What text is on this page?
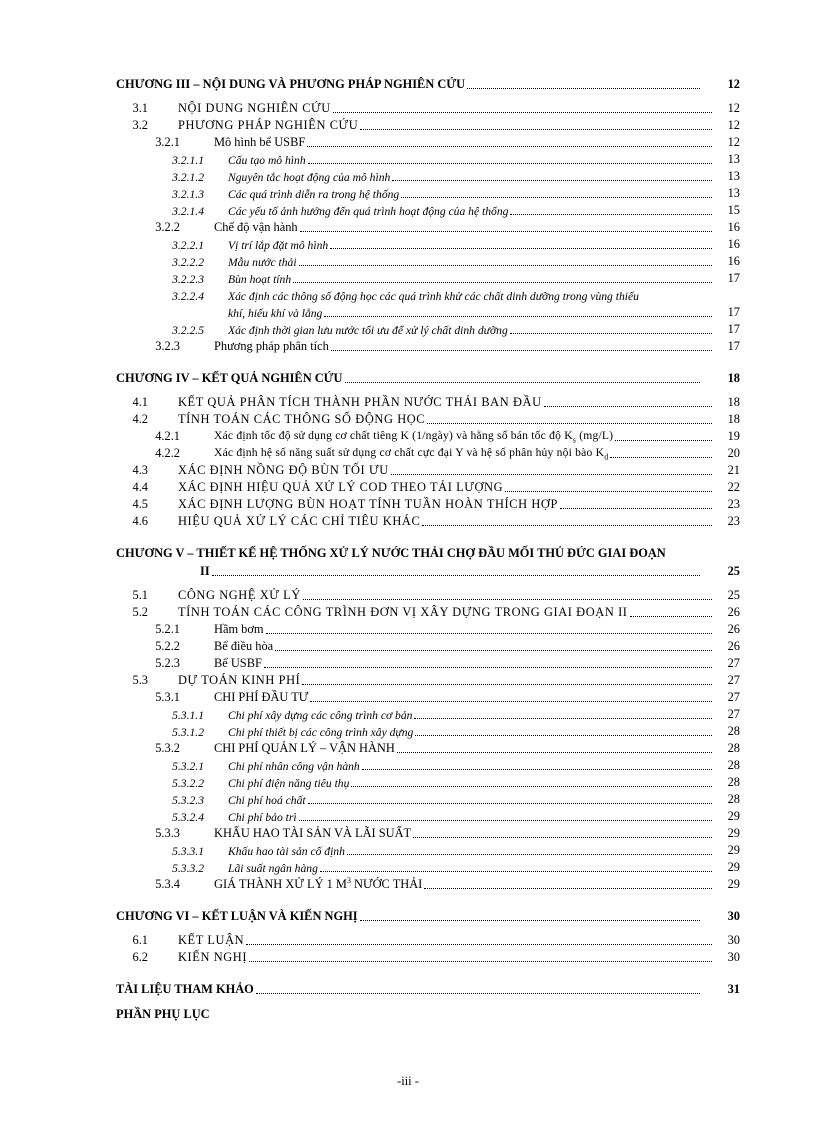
CHƯƠNG III – NỘI DUNG VÀ PHƯƠNG PHÁP NGHIÊN CỨU	12
3.1 NỘI DUNG NGHIÊN CỨU	12
3.2 PHƯƠNG PHÁP NGHIÊN CỨU	12
3.2.1	Mô hình bể USBF	12
3.2.1.1 Cấu tạo mô hình	13
3.2.1.2 Nguyên tắc hoạt động của mô hình	13
3.2.1.3 Các quá trình diễn ra trong hệ thống	13
3.2.1.4 Các yếu tố ảnh hưởng đến quá trình hoạt động của hệ thống	15
3.2.2	Chế độ vận hành	16
3.2.2.1 Vị trí lắp đặt mô hình	16
3.2.2.2 Mẫu nước thải	16
3.2.2.3 Bùn hoạt tính	17
3.2.2.4 Xác định các thông số động học các quá trình khử các chất dinh dưỡng trong vùng thiếu
khí, hiếu khí và lắng	17
3.2.2.5 Xác định thời gian lưu nước tối ưu để xử lý chất dinh dưỡng	17
3.2.3	Phương pháp phân tích	17
CHƯƠNG IV – KẾT QUẢ NGHIÊN CỨU	18
4.1 KẾT QUẢ PHÂN TÍCH THÀNH PHẦN NƯỚC THẢI BAN ĐẦU	18
4.2 TÍNH TOÁN CÁC THÔNG SỐ ĐỘNG HỌC	18
4.2.1	Xác định tốc độ sử dụng cơ chất tiêng K (1/ngày) và hằng số bán tốc độ $K_s$ (mg/L)	19
4.2.2	Xác định hệ số năng suất sử dụng cơ chất cực đại Y và hệ số phân hủy nội bào $K_d$	20
4.3 XÁC ĐỊNH NỒNG ĐỘ BÙN TỐI ƯU	21
4.4 XÁC ĐỊNH HIỆU QUẢ XỬ LÝ COD THEO TẢI LƯỢNG	22
4.5 XÁC ĐỊNH LƯỢNG BÙN HOẠT TÍNH TUẦN HOÀN THÍCH HỢP	23
4.6 HIỆU QUẢ XỬ LÝ CÁC CHỈ TIÊU KHÁC	23
CHƯƠNG V – THIẾT KẾ HỆ THỐNG XỬ LÝ NƯỚC THẢI CHỢ ĐẦU MỐI THỦ ĐỨC GIAI ĐOẠN
II	25
5.1 CÔNG NGHỆ XỬ LÝ	25
5.2 TÍNH TOÁN CÁC CÔNG TRÌNH ĐƠN VỊ XÂY DỰNG TRONG GIAI ĐOẠN II	26
5.2.1	Hầm bơm	26
5.2.2	Bể điều hòa	26
5.2.3	Bể USBF	27
5.3 DỰ TOÁN KINH PHÍ	27
5.3.1	CHI PHÍ ĐẦU TƯ	27
5.3.1.1 Chi phí xây dựng các công trình cơ bản	27
5.3.1.2 Chi phí thiết bị các công trình xây dựng	28
5.3.2	CHI PHÍ QUẢN LÝ – VẬN HÀNH	28
5.3.2.1 Chi phí nhân công vận hành	28
5.3.2.2 Chi phí điện năng tiêu thụ	28
5.3.2.3 Chi phí hoá chất	28
5.3.2.4 Chi phí bảo trì	29
5.3.3	KHẤU HAO TÀI SẢN VÀ LÃI SUẤT	29
5.3.3.1 Khấu hao tài sản cố định	29
5.3.3.2 Lãi suất ngân hàng	29
5.3.4	GIÁ THÀNH XỬ LÝ 1 $M^3$ NƯỚC THẢI	29
CHƯƠNG VI – KẾT LUẬN VÀ KIẾN NGHỊ	30
6.1 KẾT LUẬN	30
6.2 KIẾN NGHỊ	30
TÀI LIỆU THAM KHẢO	31
PHẦN PHỤ LỤC
-iii -
